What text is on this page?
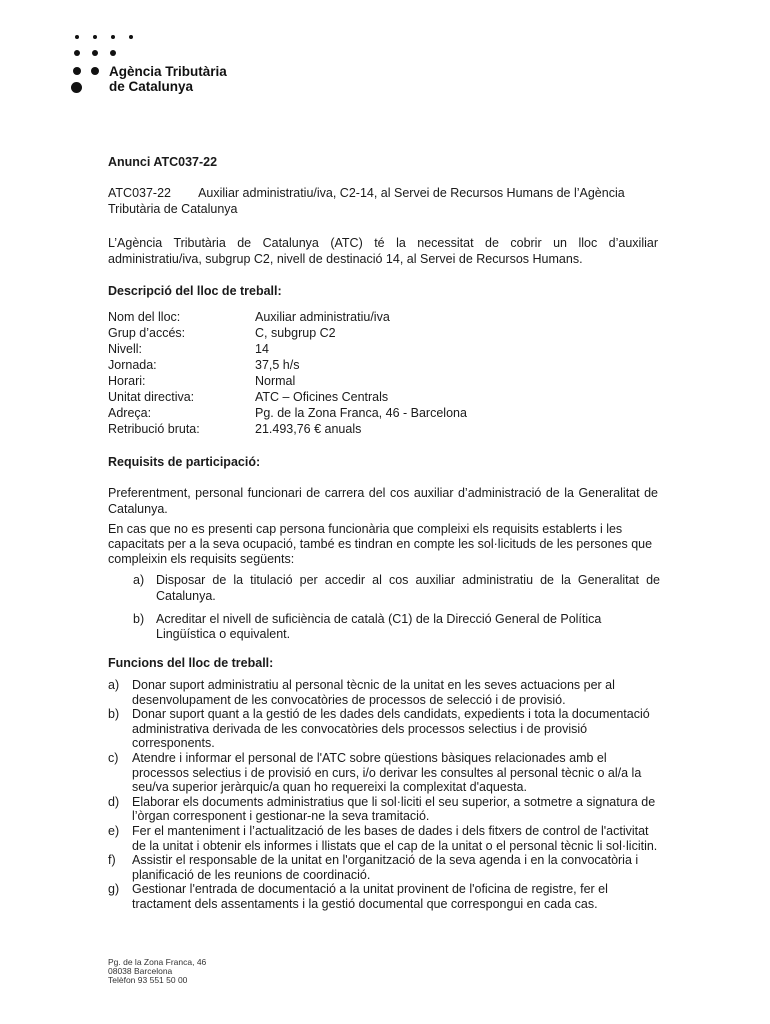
Agència Tributària
de Catalunya
Anunci ATC037-22
ATC037-22 Auxiliar administratiu/iva, C2-14, al Servei de Recursos Humans de l’Agència Tributària de Catalunya
L’Agència Tributària de Catalunya (ATC) té la necessitat de cobrir un lloc d’auxiliar administratiu/iva, subgrup C2, nivell de destinació 14, al Servei de Recursos Humans.
Descripció del lloc de treball:
Nom del lloc:	Auxiliar administratiu/iva
Grup d’accés:	C, subgrup C2
Nivell:	14
Jornada:	37,5 h/s
Horari:	Normal
Unitat directiva:	ATC – Oficines Centrals
Adreça:	Pg. de la Zona Franca, 46 - Barcelona
Retribució bruta:	21.493,76 € anuals
Requisits de participació:
Preferentment, personal funcionari de carrera del cos auxiliar d’administració de la Generalitat de Catalunya.
En cas que no es presenti cap persona funcionària que compleixi els requisits establerts i les capacitats per a la seva ocupació, també es tindran en compte les sol·licituds de les persones que compleixin els requisits següents:
a) Disposar de la titulació per accedir al cos auxiliar administratiu de la Generalitat de Catalunya.
b) Acreditar el nivell de suficiència de català (C1) de la Direcció General de Política Lingüística o equivalent.
Funcions del lloc de treball:
a)	Donar suport administratiu al personal tècnic de la unitat en les seves actuacions per al desenvolupament de les convocatòries de processos de selecció i de provisió.
b)	Donar suport quant a la gestió de les dades dels candidats, expedients i tota la documentació administrativa derivada de les convocatòries dels processos selectius i de provisió corresponents.
c)	Atendre i informar el personal de l'ATC sobre qüestions bàsiques relacionades amb el processos selectius i de provisió en curs, i/o derivar les consultes al personal tècnic o al/a la seu/va superior jeràrquic/a quan ho requereixi la complexitat d'aquesta.
d)	Elaborar els documents administratius que li sol·liciti el seu superior, a sotmetre a signatura de l’òrgan corresponent i gestionar-ne la seva tramitació.
e)	Fer el manteniment i l’actualització de les bases de dades i dels fitxers de control de l'activitat de la unitat i obtenir els informes i llistats que el cap de la unitat o el personal tècnic li sol·licitin.
f)	Assistir el responsable de la unitat en l'organització de la seva agenda i en la convocatòria i planificació de les reunions de coordinació.
g)	Gestionar l'entrada de documentació a la unitat provinent de l'oficina de registre, fer el tractament dels assentaments i la gestió documental que correspongui en cada cas.
Pg. de la Zona Franca, 46
08038 Barcelona
Telèfon 93 551 50 00
